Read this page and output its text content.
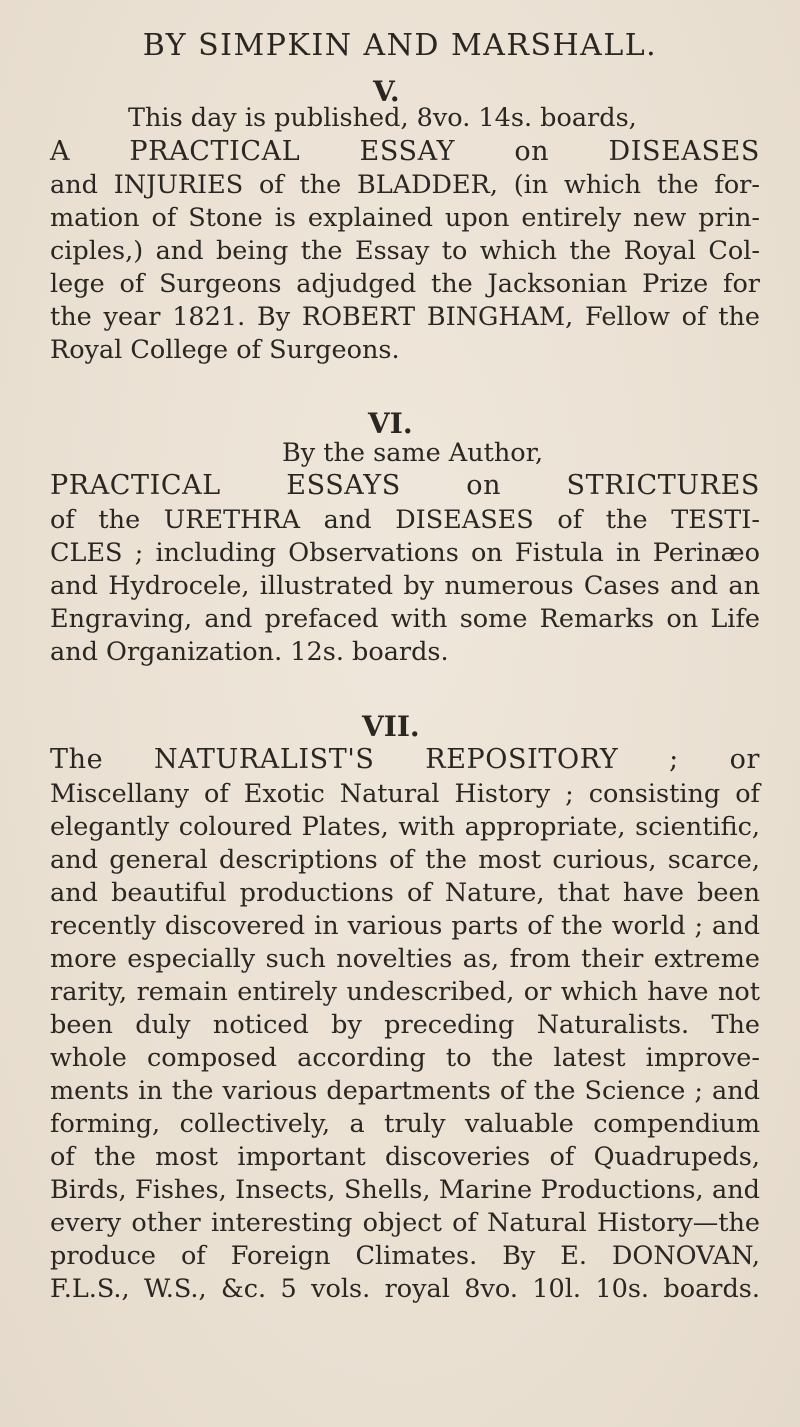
BY SIMPKIN AND MARSHALL.
V.
This day is published, 8vo. 14s. boards,
A PRACTICAL ESSAY on DISEASES
and INJURIES of the BLADDER, (in which the for-
mation of Stone is explained upon entirely new prin-
ciples,) and being the Essay to which the Royal Col-
lege of Surgeons adjudged the Jacksonian Prize for
the year 1821. By ROBERT BINGHAM, Fellow of the
Royal College of Surgeons.
VI.
By the same Author,
PRACTICAL ESSAYS on STRICTURES
of the URETHRA and DISEASES of the TESTI-
CLES ; including Observations on Fistula in Perinæo
and Hydrocele, illustrated by numerous Cases and an
Engraving, and prefaced with some Remarks on Life
and Organization. 12s. boards.
VII.
The NATURALIST'S REPOSITORY ; or
Miscellany of Exotic Natural History ; consisting of
elegantly coloured Plates, with appropriate, scientific,
and general descriptions of the most curious, scarce,
and beautiful productions of Nature, that have been
recently discovered in various parts of the world ; and
more especially such novelties as, from their extreme
rarity, remain entirely undescribed, or which have not
been duly noticed by preceding Naturalists. The
whole composed according to the latest improve-
ments in the various departments of the Science ; and
forming, collectively, a truly valuable compendium
of the most important discoveries of Quadrupeds,
Birds, Fishes, Insects, Shells, Marine Productions, and
every other interesting object of Natural History—the
produce of Foreign Climates. By E. DONOVAN,
F.L.S., W.S., &c. 5 vols. royal 8vo. 10l. 10s. boards.
